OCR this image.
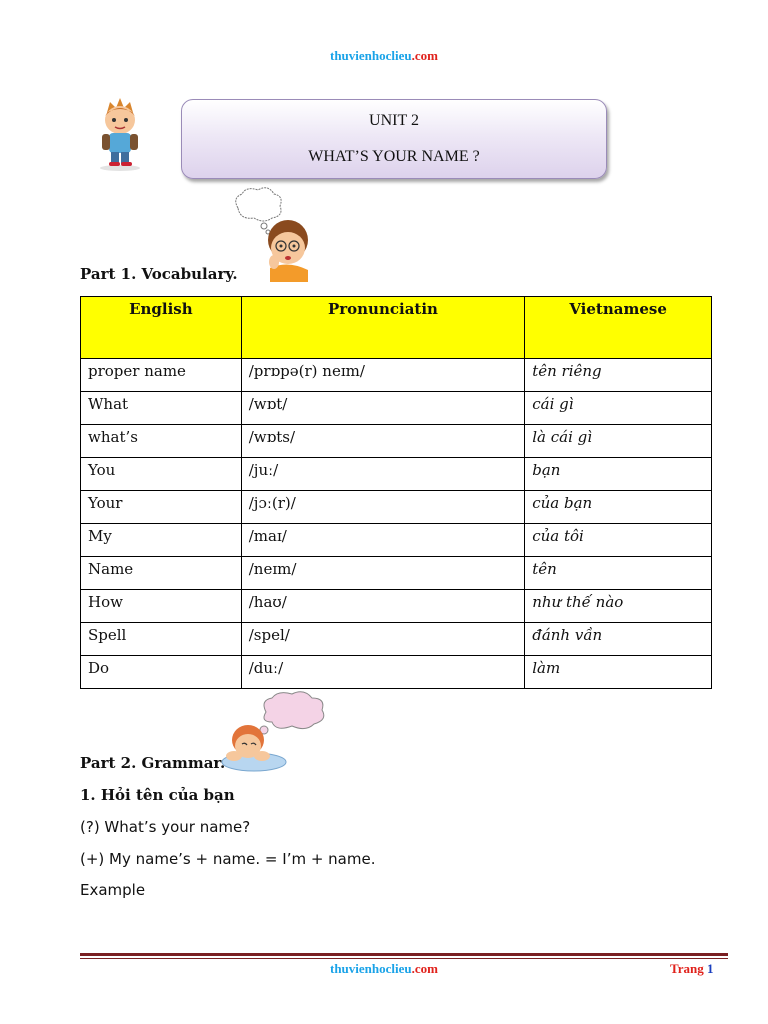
thuvienhoclieu.com
UNIT 2
WHAT’S YOUR NAME ?
Part 1. Vocabulary.
English	Pronunciatin	Vietnamese
proper name	/prɒpə(r) neɪm/	tên riêng
What	/wɒt/	cái gì
what’s	/wɒts/	là cái gì
You	/juː/	bạn
Your	/jɔː(r)/	của bạn
My	/maɪ/	của tôi
Name	/neɪm/	tên
How	/haʊ/	như thế nào
Spell	/spel/	đánh vần
Do	/duː/	làm
Part 2. Grammar.
1. Hỏi tên của bạn
(?) What’s your name?
(+) My name’s + name. = I’m + name.
Example
thuvienhoclieu.com	Trang 1
